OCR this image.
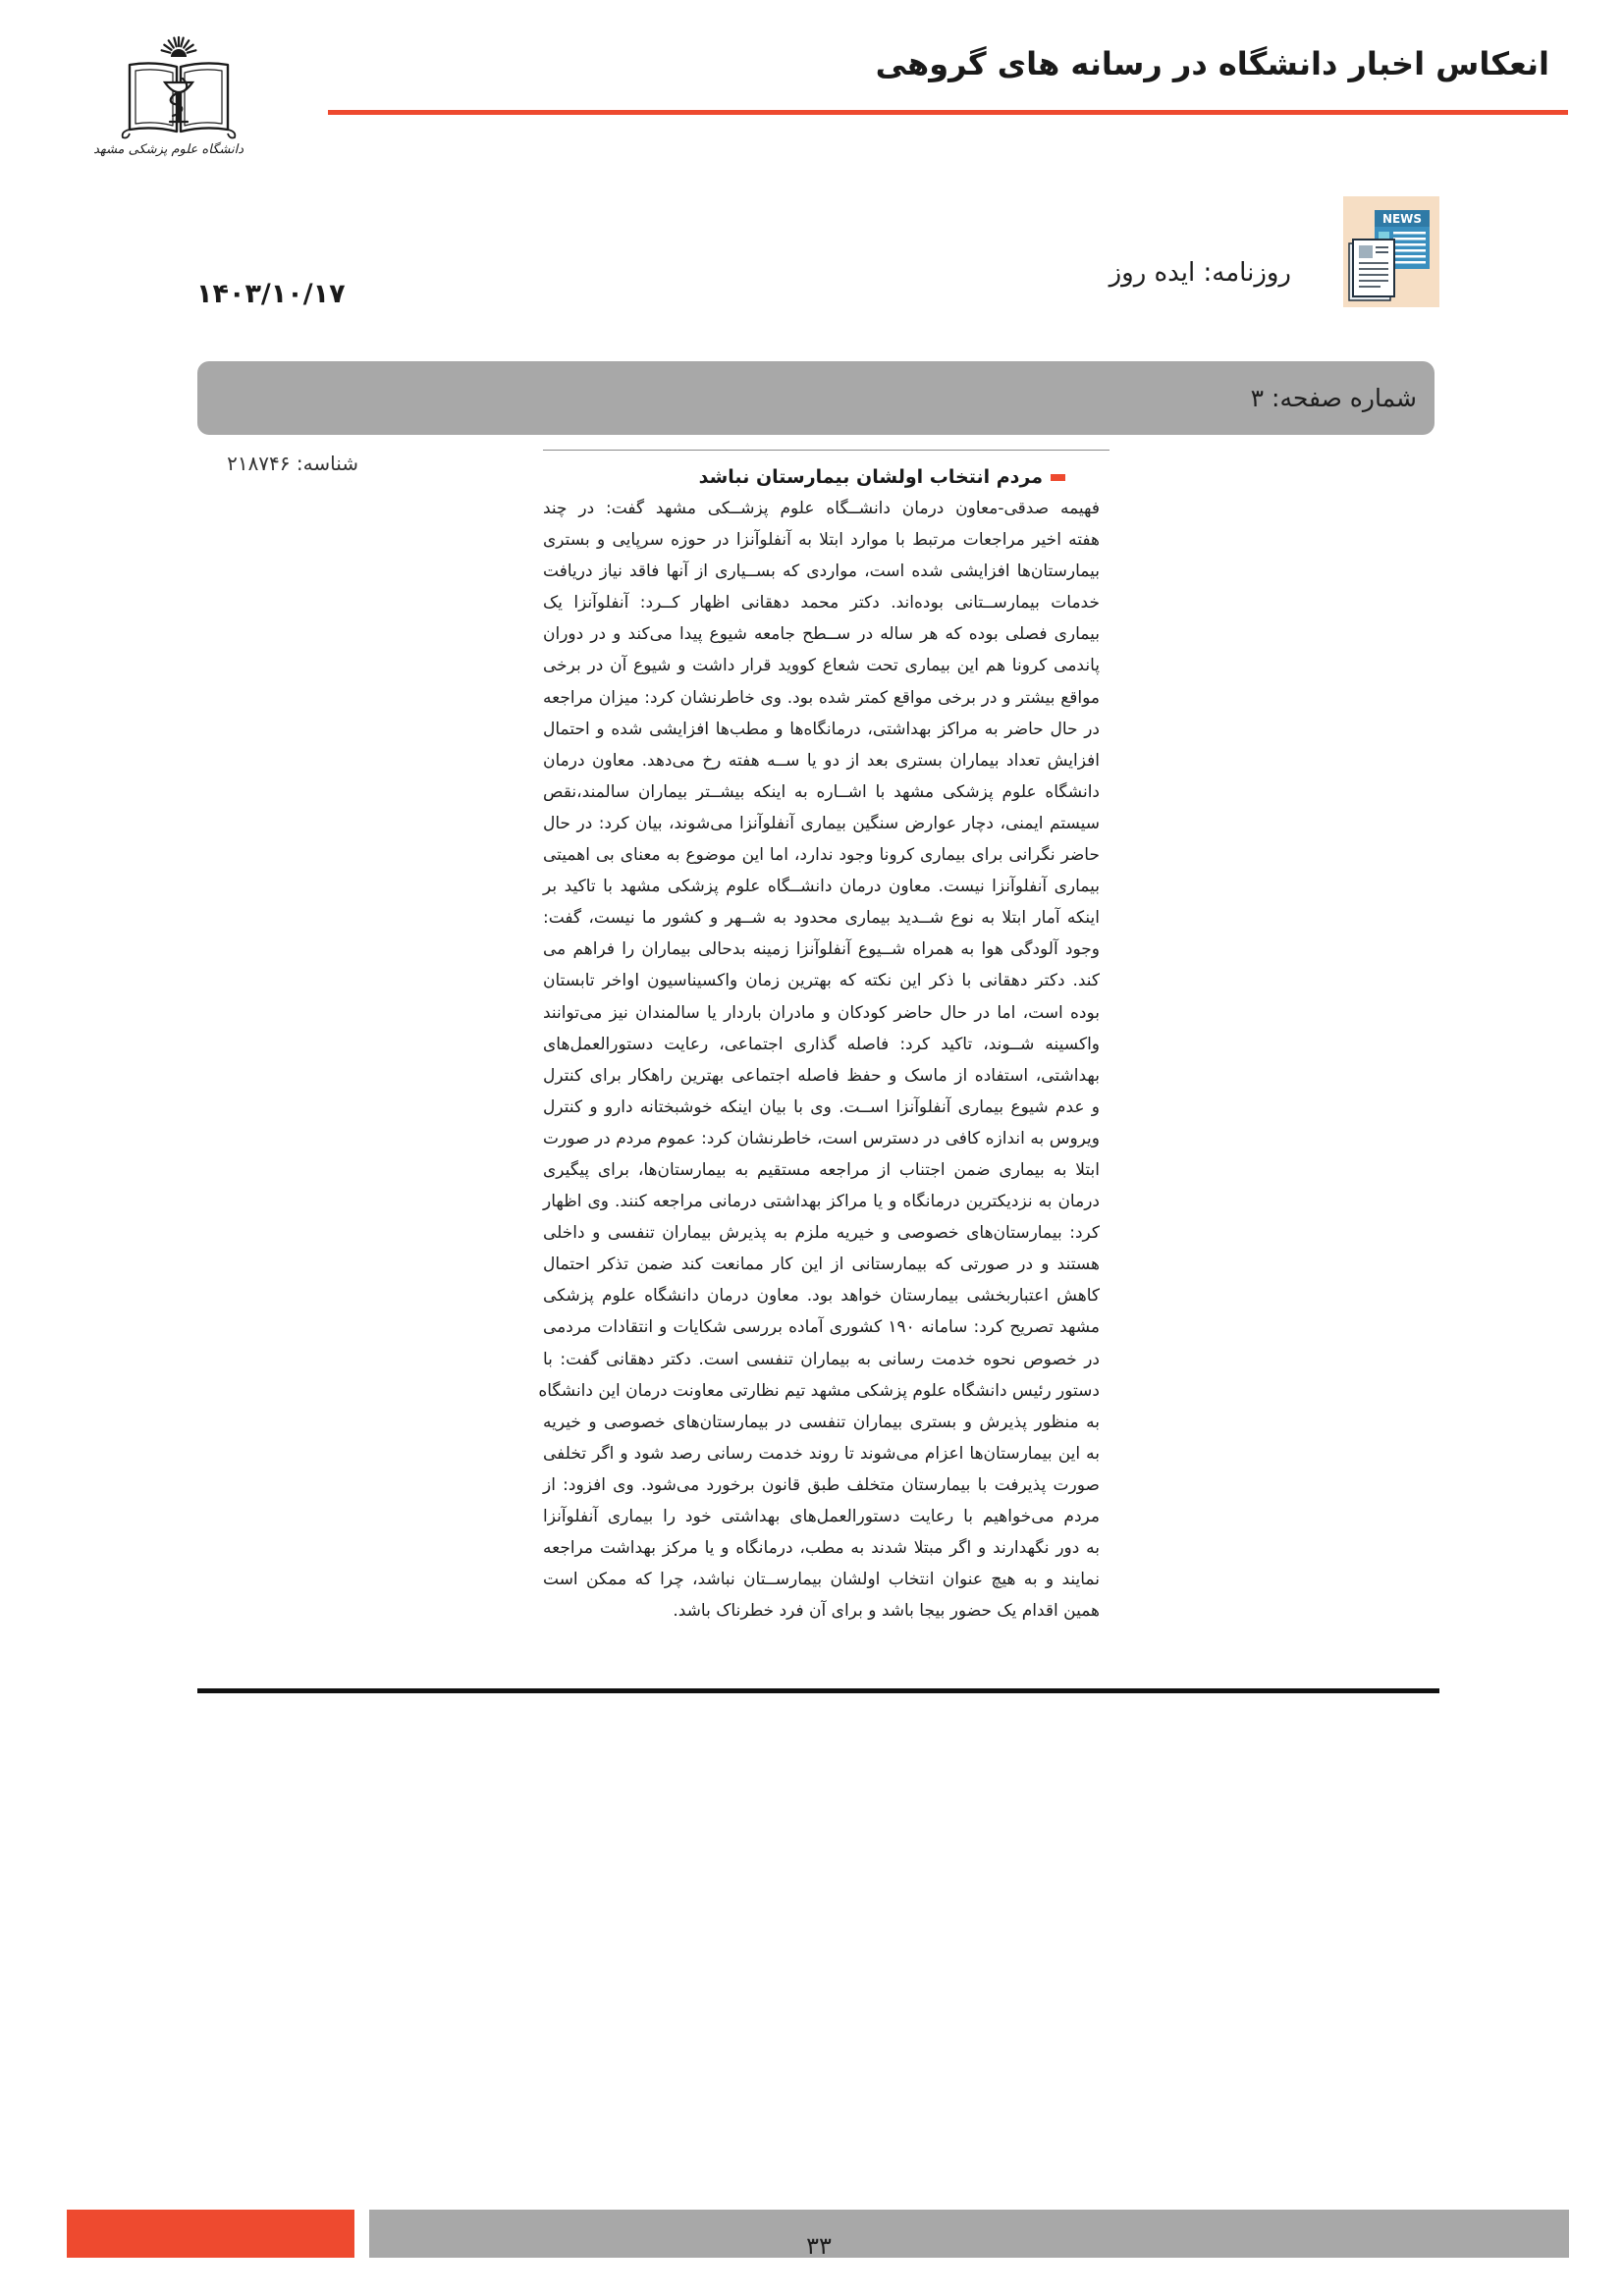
دانشگاه علوم پزشکی مشهد
انعکاس اخبار دانشگاه در رسانه های گروهی
NEWS
روزنامه: ایده روز
۱۴۰۳/۱۰/۱۷
شماره صفحه: ۳
شناسه: ۲۱۸۷۴۶
مردم انتخاب اولشان بیمارستان نباشد
فهیمه صدقی-معاون درمان دانشــگاه علوم پزشــکی مشهد گفت: در چند
هفته اخیر مراجعات مرتبط با موارد ابتلا به آنفلوآنزا در حوزه سرپایی و بستری
بیمارستان‌ها افزایشی شده است، مواردی که بســیاری از آنها فاقد نیاز دریافت
خدمات بیمارســتانی بوده‌اند. دکتر محمد دهقانی اظهار کــرد: آنفلوآنزا یک
بیماری فصلی بوده که هر ساله در ســطح جامعه شیوع پیدا می‌کند و در دوران
پاندمی کرونا هم این بیماری تحت شعاع کووید قرار داشت و شیوع آن در برخی
مواقع بیشتر و در برخی مواقع کمتر شده بود. وی خاطرنشان کرد: میزان مراجعه
در حال حاضر به مراکز بهداشتی، درمانگاه‌ها و مطب‌ها افزایشی شده و احتمال
افزایش تعداد بیماران بستری بعد از دو یا ســه هفته رخ می‌دهد. معاون درمان
دانشگاه علوم پزشکی مشهد با اشــاره به اینکه بیشــتر بیماران سالمند،نقص
سیستم ایمنی، دچار عوارض سنگین بیماری آنفلوآنزا می‌شوند، بیان کرد: در حال
حاضر نگرانی برای بیماری کرونا وجود ندارد، اما این موضوع به معنای بی اهمیتی
بیماری آنفلوآنزا نیست. معاون درمان دانشــگاه علوم پزشکی مشهد با تاکید بر
اینکه آمار ابتلا به نوع شــدید بیماری محدود به شــهر و کشور ما نیست، گفت:
وجود آلودگی هوا به همراه شــیوع آنفلوآنزا زمینه بدحالی بیماران را فراهم می
کند. دکتر دهقانی با ذکر این نکته که بهترین زمان واکسیناسیون اواخر تابستان
بوده است، اما در حال حاضر کودکان و مادران باردار یا سالمندان نیز می‌توانند
واکسینه شــوند، تاکید کرد: فاصله گذاری اجتماعی، رعایت دستورالعمل‌های
بهداشتی، استفاده از ماسک و حفظ فاصله اجتماعی بهترین راهکار برای کنترل
و عدم شیوع بیماری آنفلوآنزا اســت. وی با بیان اینکه خوشبختانه دارو و کنترل
ویروس به اندازه کافی در دسترس است، خاطرنشان کرد: عموم مردم در صورت
ابتلا به بیماری ضمن اجتناب از مراجعه مستقیم به بیمارستان‌ها، برای پیگیری
درمان به نزدیکترین درمانگاه و یا مراکز بهداشتی درمانی مراجعه کنند. وی اظهار
کرد: بیمارستان‌های خصوصی و خیریه ملزم به پذیرش بیماران تنفسی و داخلی
هستند و در صورتی که بیمارستانی از این کار ممانعت کند ضمن تذکر احتمال
کاهش اعتباربخشی بیمارستان خواهد بود. معاون درمان دانشگاه علوم پزشکی
مشهد تصریح کرد: سامانه ۱۹۰ کشوری آماده بررسی شکایات و انتقادات مردمی
در خصوص نحوه خدمت رسانی به بیماران تنفسی است. دکتر دهقانی گفت: با
دستور رئیس دانشگاه علوم پزشکی مشهد تیم نظارتی معاونت درمان این دانشگاه
به منظور پذیرش و بستری بیماران تنفسی در بیمارستان‌های خصوصی و خیریه
به این بیمارستان‌ها اعزام می‌شوند تا روند خدمت رسانی رصد شود و اگر تخلفی
صورت پذیرفت با بیمارستان متخلف طبق قانون برخورد می‌شود. وی افزود: از
مردم می‌خواهیم با رعایت دستورالعمل‌های بهداشتی خود را بیماری آنفلوآنزا
به دور نگهدارند و اگر مبتلا شدند به مطب، درمانگاه و یا مرکز بهداشت مراجعه
نمایند و به هیچ عنوان انتخاب اولشان بیمارســتان نباشد، چرا که ممکن است
همین اقدام یک حضور بیجا باشد و برای آن فرد خطرناک باشد.
۳۳
